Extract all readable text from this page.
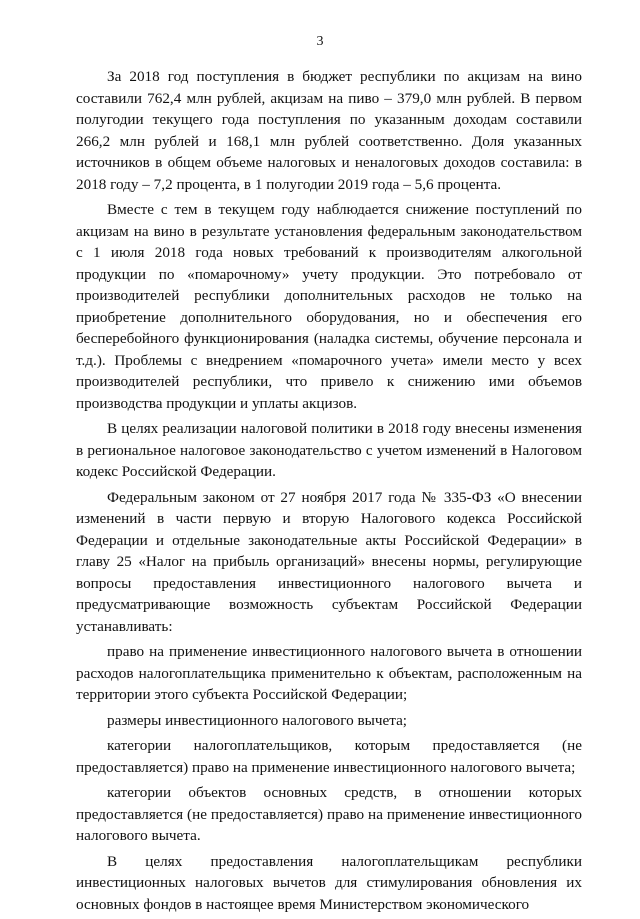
3

За 2018 год поступления в бюджет республики по акцизам на вино составили 762,4 млн рублей, акцизам на пиво – 379,0 млн рублей. В первом полугодии текущего года поступления по указанным доходам составили 266,2 млн рублей и 168,1 млн рублей соответственно. Доля указанных источников в общем объеме налоговых и неналоговых доходов составила: в 2018 году – 7,2 процента, в 1 полугодии 2019 года – 5,6 процента.

Вместе с тем в текущем году наблюдается снижение поступлений по акцизам на вино в результате установления федеральным законодательством с 1 июля 2018 года новых требований к производителям алкогольной продукции по «помарочному» учету продукции. Это потребовало от производителей республики дополнительных расходов не только на приобретение дополнительного оборудования, но и обеспечения его бесперебойного функционирования (наладка системы, обучение персонала и т.д.). Проблемы с внедрением «помарочного учета» имели место у всех производителей республики, что привело к снижению ими объемов производства продукции и уплаты акцизов.

В целях реализации налоговой политики в 2018 году внесены изменения в региональное налоговое законодательство с учетом изменений в Налоговом кодекс Российской Федерации.

Федеральным законом от 27 ноября 2017 года № 335-ФЗ «О внесении изменений в части первую и вторую Налогового кодекса Российской Федерации и отдельные законодательные акты Российской Федерации» в главу 25 «Налог на прибыль организаций» внесены нормы, регулирующие вопросы предоставления инвестиционного налогового вычета и предусматривающие возможность субъектам Российской Федерации устанавливать:

право на применение инвестиционного налогового вычета в отношении расходов налогоплательщика применительно к объектам, расположенным на территории этого субъекта Российской Федерации;

размеры инвестиционного налогового вычета;

категории налогоплательщиков, которым предоставляется (не предоставляется) право на применение инвестиционного налогового вычета;

категории объектов основных средств, в отношении которых предоставляется (не предоставляется) право на применение инвестиционного налогового вычета.

В целях предоставления налогоплательщикам республики инвестиционных налоговых вычетов для стимулирования обновления их основных фондов в настоящее время Министерством экономического
